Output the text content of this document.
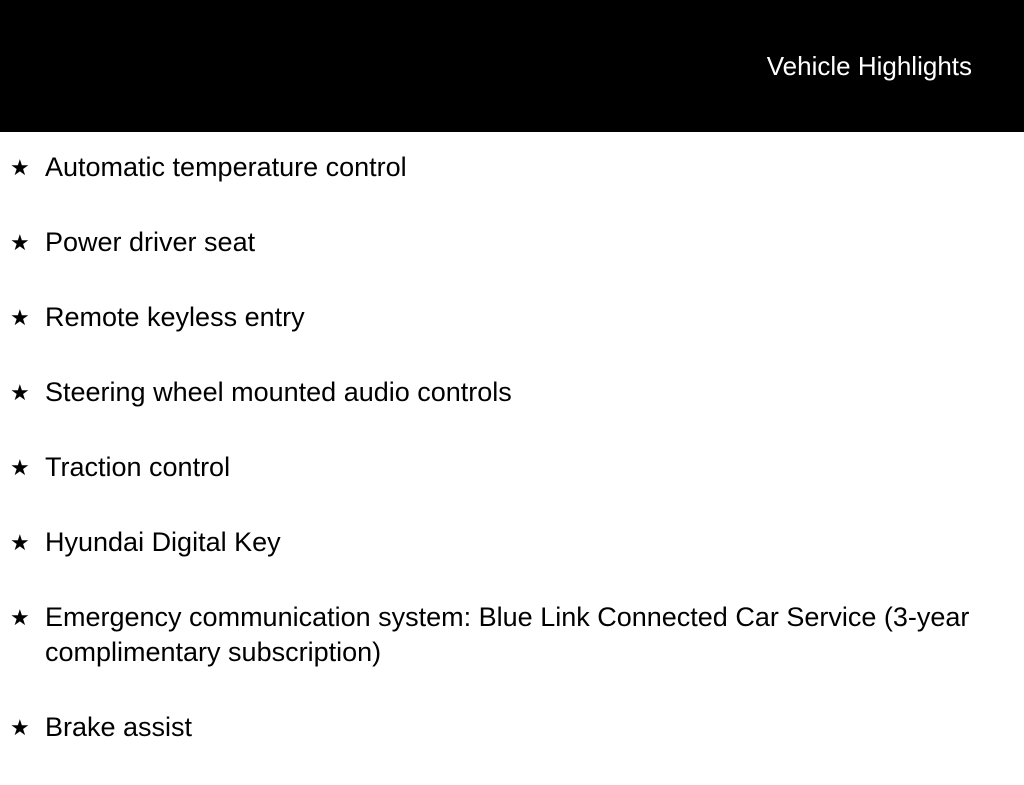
Vehicle Highlights
★ Automatic temperature control
★ Power driver seat
★ Remote keyless entry
★ Steering wheel mounted audio controls
★ Traction control
★ Hyundai Digital Key
★ Emergency communication system: Blue Link Connected Car Service (3-year complimentary subscription)
★ Brake assist
